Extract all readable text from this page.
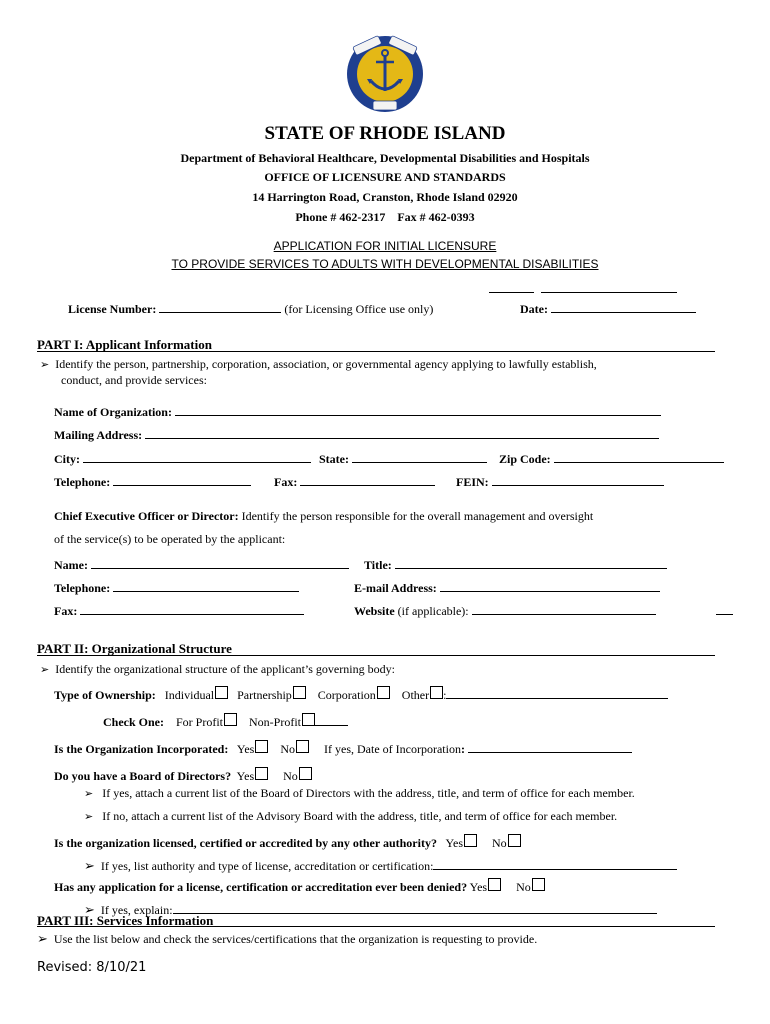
STATE OF RHODE ISLAND
Department of Behavioral Healthcare, Developmental Disabilities and Hospitals
OFFICE OF LICENSURE AND STANDARDS
14 Harrington Road, Cranston, Rhode Island 02920
Phone # 462-2317 Fax # 462-0393
APPLICATION FOR INITIAL LICENSURE
TO PROVIDE SERVICES TO ADULTS WITH DEVELOPMENTAL DISABILITIES
License Number:	(for Licensing Office use only)	Date:
PART I: Applicant Information
➢ Identify the person, partnership, corporation, association, or governmental agency applying to lawfully establish,
conduct, and provide services:
Name of Organization:
Mailing Address:
City:	State:	Zip Code:
Telephone:	Fax:	FEIN:
Chief Executive Officer or Director: Identify the person responsible for the overall management and oversight
of the service(s) to be operated by the applicant:
Name:	Title:
Telephone:	E-mail Address:
Fax:	Website (if applicable):
PART II: Organizational Structure
➢ Identify the organizational structure of the applicant’s governing body:
Type of Ownership: Individual Partnership Corporation Other :
Check One: For Profit Non-Profit
Is the Organization Incorporated: Yes No If yes, Date of Incorporation:
Do you have a Board of Directors? Yes No
➢ If yes, attach a current list of the Board of Directors with the address, title, and term of office for each member.
➢ If no, attach a current list of the Advisory Board with the address, title, and term of office for each member.
Is the organization licensed, certified or accredited by any other authority? Yes No
➢ If yes, list authority and type of license, accreditation or certification:
Has any application for a license, certification or accreditation ever been denied? Yes No
➢ If yes, explain:
PART III: Services Information
➢ Use the list below and check the services/certifications that the organization is requesting to provide.
Revised: 8/10/21
